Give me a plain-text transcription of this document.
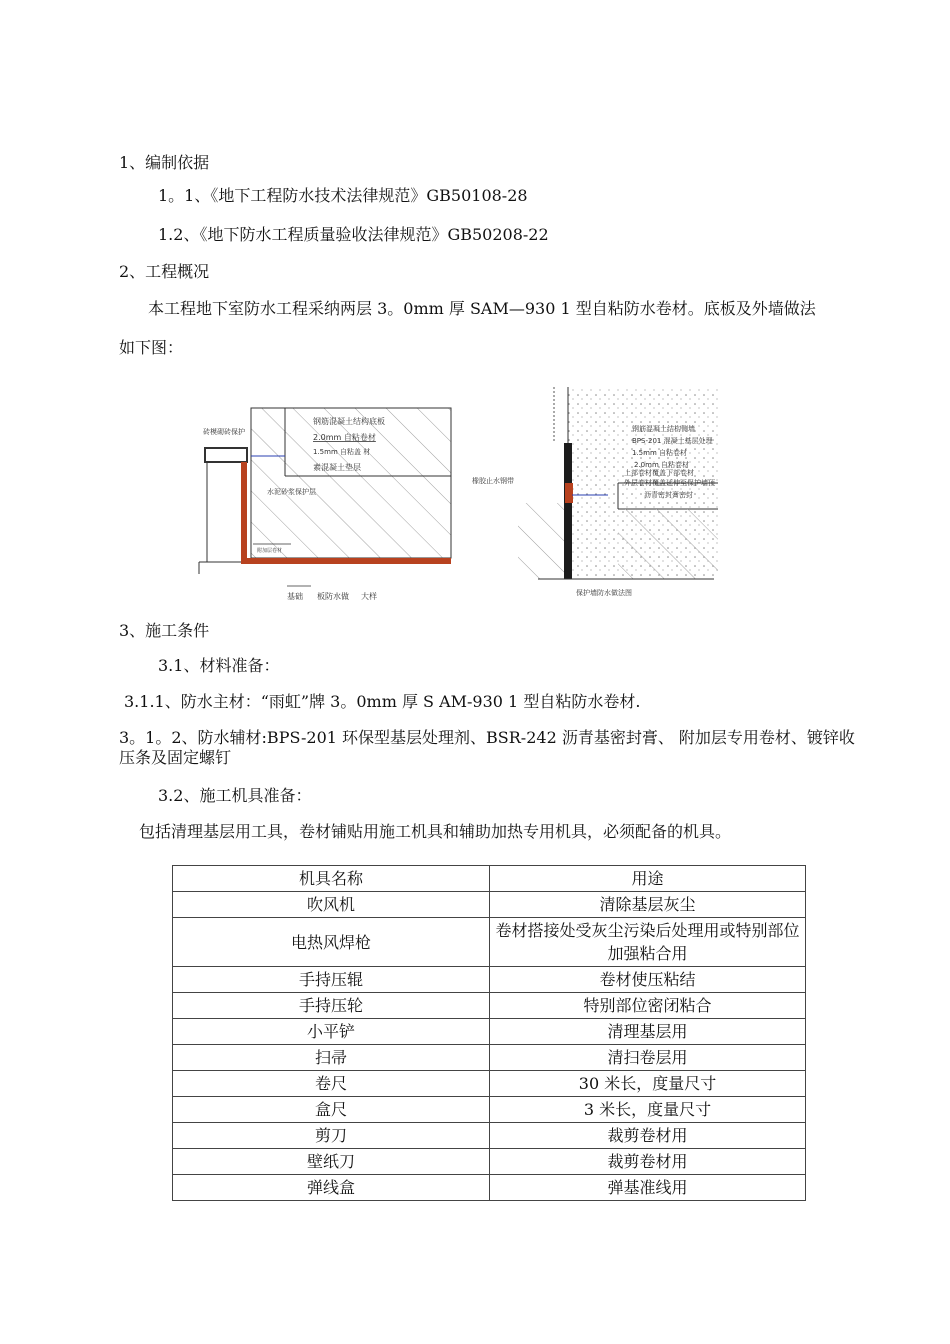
1、编制依据
1。1、《地下工程防水技术法律规范》GB50108-28
1.2、《地下防水工程质量验收法律规范》GB50208-22
2、工程概况
本工程地下室防水工程采纳两层 3。0mm 厚 SAM—930 1 型自粘防水卷材。底板及外墙做法
如下图：
钢筋混凝土结构底板
2.0mm 自粘卷材
1.5mm 自粘盖 材
素混凝土垫层
砖模砌砖保护
水泥砂浆保护层
附加层卷材
基础 板防水做 大样
钢筋混凝土结构侧墙
BPS-201 混凝土基层处理
1.5mm 自粘卷材
2.0mm 自粘卷材
上部卷材覆盖下部卷材
外层卷材覆盖延伸至保护墙顶
沥青密封膏密封
橡胶止水钢带
保护墙防水做法图
3、施工条件
3.1、材料准备：
3.1.1、防水主材：“雨虹”牌 3。0mm 厚 S AM-930 1 型自粘防水卷材.
3。1。2、防水辅材:BPS-201 环保型基层处理剂、BSR-242 沥青基密封膏、 附加层专用卷材、镀锌收压条及固定螺钉
3.2、施工机具准备：
包括清理基层用工具，卷材铺贴用施工机具和辅助加热专用机具，必须配备的机具。
机具名称	用途
吹风机	清除基层灰尘
电热风焊枪	卷材搭接处受灰尘污染后处理用或特别部位加强粘合用
手持压辊	卷材使压粘结
手持压轮	特别部位密闭粘合
小平铲	清理基层用
扫帚	清扫卷层用
卷尺	30 米长，度量尺寸
盒尺	3 米长，度量尺寸
剪刀	裁剪卷材用
壁纸刀	裁剪卷材用
弹线盒	弹基准线用
